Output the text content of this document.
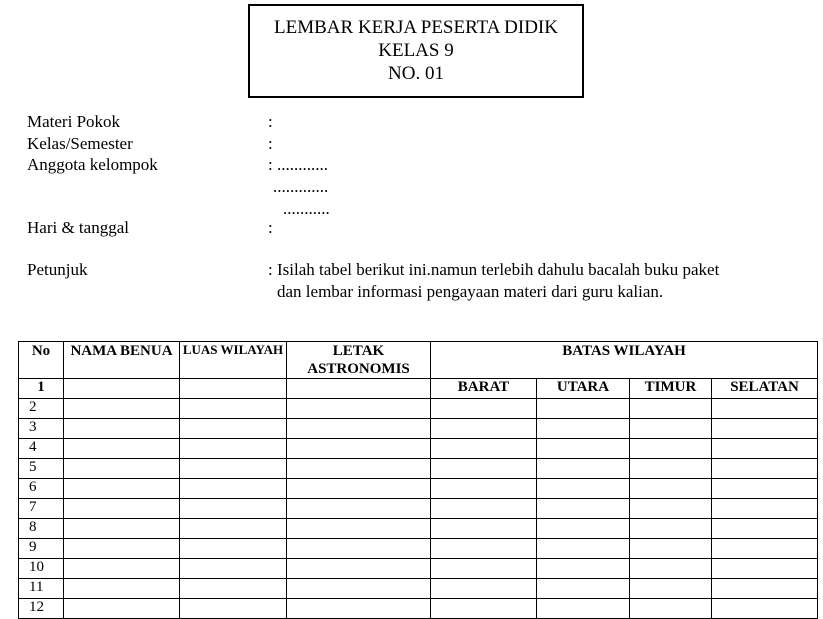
LEMBAR KERJA PESERTA DIDIK
KELAS 9
NO. 01
Materi Pokok	:
Kelas/Semester	:
Anggota kelompok	: ............
.............
...........
Hari & tanggal	:
Petunjuk	: Isilah tabel berikut ini.namun terlebih dahulu bacalah buku paket
dan lembar informasi pengayaan materi dari guru kalian.
No	NAMA BENUA	LUAS WILAYAH	LETAK ASTRONOMIS	BATAS WILAYAH			
1				BARAT	UTARA	TIMUR	SELATAN
2							
3							
4							
5							
6							
7							
8							
9							
10							
11							
12							
